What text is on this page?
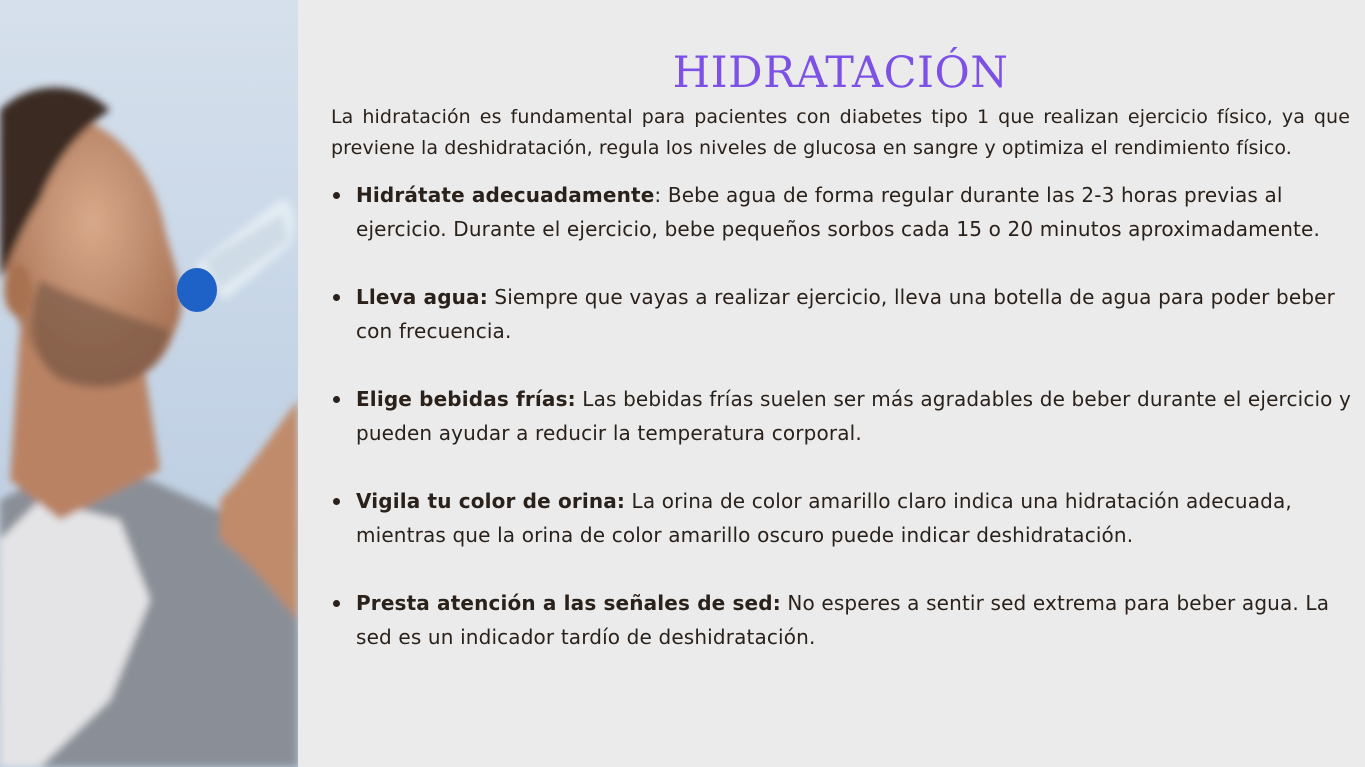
HIDRATACIÓN

La hidratación es fundamental para pacientes con diabetes tipo 1 que realizan ejercicio físico, ya que previene la deshidratación, regula los niveles de glucosa en sangre y optimiza el rendimiento físico.

Hidrátate adecuadamente: Bebe agua de forma regular durante las 2-3 horas previas al ejercicio. Durante el ejercicio, bebe pequeños sorbos cada 15 o 20 minutos aproximadamente.
Lleva agua: Siempre que vayas a realizar ejercicio, lleva una botella de agua para poder beber con frecuencia.
Elige bebidas frías: Las bebidas frías suelen ser más agradables de beber durante el ejercicio y pueden ayudar a reducir la temperatura corporal.
Vigila tu color de orina: La orina de color amarillo claro indica una hidratación adecuada, mientras que la orina de color amarillo oscuro puede indicar deshidratación.
Presta atención a las señales de sed: No esperes a sentir sed extrema para beber agua. La sed es un indicador tardío de deshidratación.
